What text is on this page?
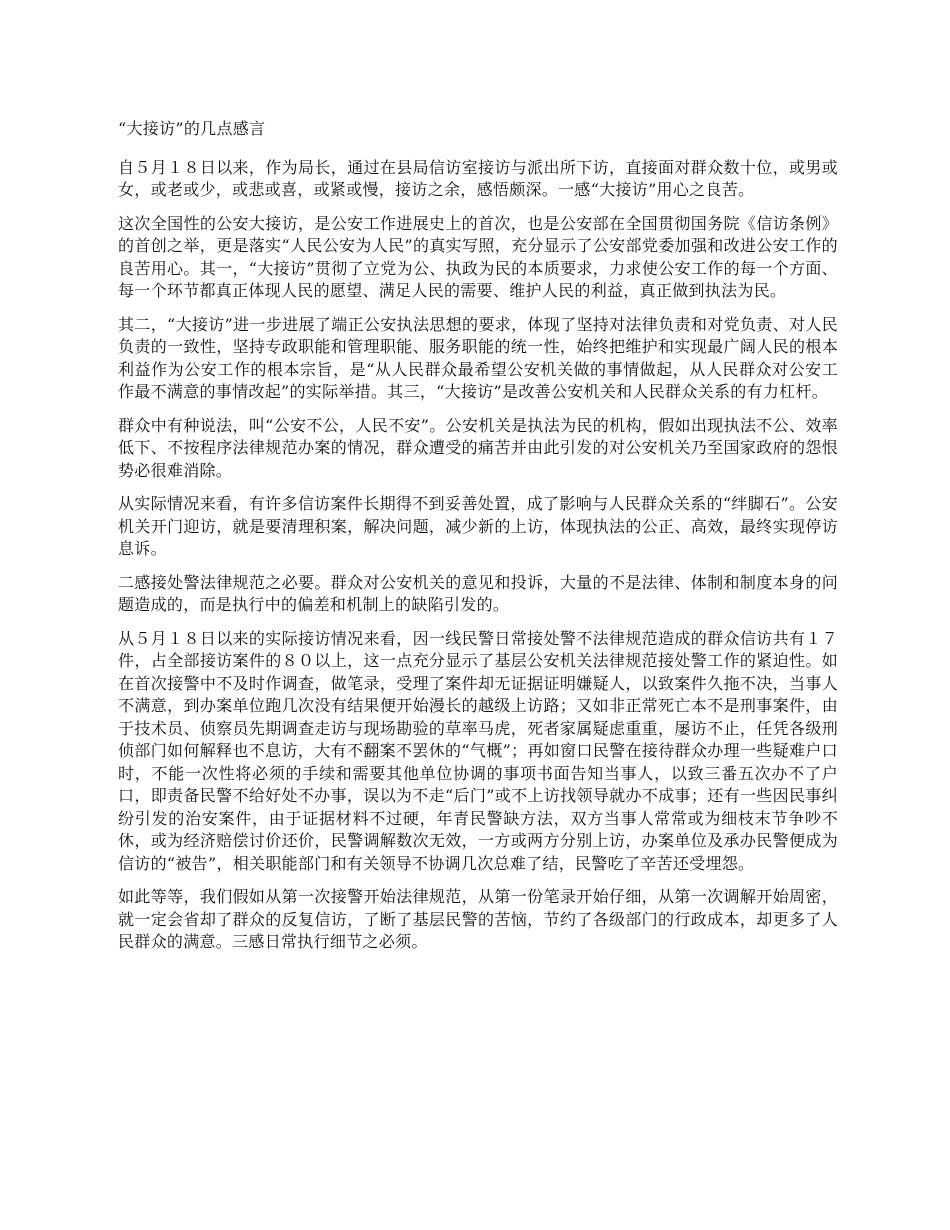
“大接访”的几点感言

自５月１８日以来，作为局长，通过在县局信访室接访与派出所下访，直接面对群众数十位，或男或女，或老或少，或悲或喜，或紧或慢，接访之余，感悟颇深。一感“大接访”用心之良苦。

这次全国性的公安大接访，是公安工作进展史上的首次，也是公安部在全国贯彻国务院《信访条例》的首创之举，更是落实“人民公安为人民”的真实写照，充分显示了公安部党委加强和改进公安工作的良苦用心。其一，“大接访”贯彻了立党为公、执政为民的本质要求，力求使公安工作的每一个方面、每一个环节都真正体现人民的愿望、满足人民的需要、维护人民的利益，真正做到执法为民。

其二，“大接访”进一步进展了端正公安执法思想的要求，体现了坚持对法律负责和对党负责、对人民负责的一致性，坚持专政职能和管理职能、服务职能的统一性，始终把维护和实现最广阔人民的根本利益作为公安工作的根本宗旨，是“从人民群众最希望公安机关做的事情做起，从人民群众对公安工作最不满意的事情改起”的实际举措。其三，“大接访”是改善公安机关和人民群众关系的有力杠杆。

群众中有种说法，叫“公安不公，人民不安”。公安机关是执法为民的机构，假如出现执法不公、效率低下、不按程序法律规范办案的情况，群众遭受的痛苦并由此引发的对公安机关乃至国家政府的怨恨势必很难消除。

从实际情况来看，有许多信访案件长期得不到妥善处置，成了影响与人民群众关系的“绊脚石”。公安机关开门迎访，就是要清理积案，解决问题，减少新的上访，体现执法的公正、高效，最终实现停访息诉。

二感接处警法律规范之必要。群众对公安机关的意见和投诉，大量的不是法律、体制和制度本身的问题造成的，而是执行中的偏差和机制上的缺陷引发的。

从５月１８日以来的实际接访情况来看，因一线民警日常接处警不法律规范造成的群众信访共有１７件，占全部接访案件的８０以上，这一点充分显示了基层公安机关法律规范接处警工作的紧迫性。如在首次接警中不及时作调查，做笔录，受理了案件却无证据证明嫌疑人，以致案件久拖不决，当事人不满意，到办案单位跑几次没有结果便开始漫长的越级上访路；又如非正常死亡本不是刑事案件，由于技术员、侦察员先期调查走访与现场勘验的草率马虎，死者家属疑虑重重，屡访不止，任凭各级刑侦部门如何解释也不息访，大有不翻案不罢休的“气概”；再如窗口民警在接待群众办理一些疑难户口时，不能一次性将必须的手续和需要其他单位协调的事项书面告知当事人，以致三番五次办不了户口，即责备民警不给好处不办事，误以为不走“后门”或不上访找领导就办不成事；还有一些因民事纠纷引发的治安案件，由于证据材料不过硬，年青民警缺方法，双方当事人常常或为细枝末节争吵不休，或为经济赔偿讨价还价，民警调解数次无效，一方或两方分别上访，办案单位及承办民警便成为信访的“被告”，相关职能部门和有关领导不协调几次总难了结，民警吃了辛苦还受埋怨。

如此等等，我们假如从第一次接警开始法律规范，从第一份笔录开始仔细，从第一次调解开始周密，就一定会省却了群众的反复信访，了断了基层民警的苦恼，节约了各级部门的行政成本，却更多了人民群众的满意。三感日常执行细节之必须。
